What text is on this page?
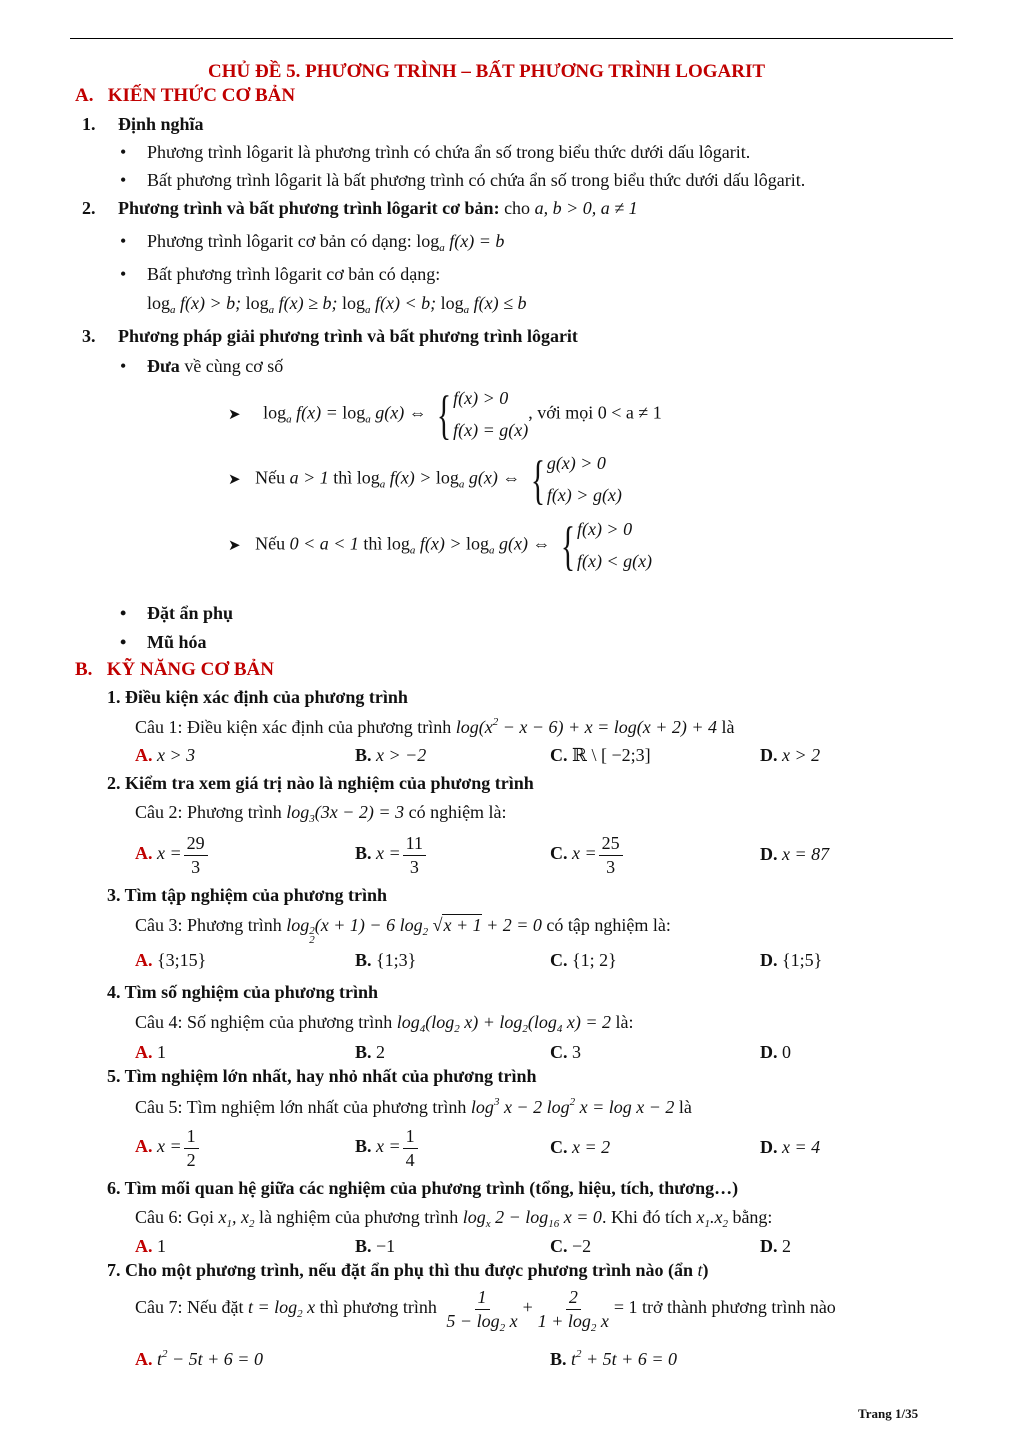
CHỦ ĐỀ 5. PHƯƠNG TRÌNH – BẤT PHƯƠNG TRÌNH LOGARIT
A. KIẾN THỨC CƠ BẢN
1. Định nghĩa
• Phương trình lôgarit là phương trình có chứa ẩn số trong biểu thức dưới dấu lôgarit.
• Bất phương trình lôgarit là bất phương trình có chứa ẩn số trong biểu thức dưới dấu lôgarit.
2. Phương trình và bất phương trình lôgarit cơ bản: cho a, b > 0, a ≠ 1
• Phương trình lôgarit cơ bản có dạng: $\log_a f(x) = b$
• Bất phương trình lôgarit cơ bản có dạng:
$\log_a f(x) > b$; $\log_a f(x) \ge b$; $\log_a f(x) < b$; $\log_a f(x) \le b$
3. Phương pháp giải phương trình và bất phương trình lôgarit
• Đưa về cùng cơ số
➤ $\log_a f(x) = \log_a g(x)$ ⇔ { f(x) > 0
f(x) = g(x)
, với mọi 0 < a ≠ 1
➤ Nếu a > 1 thì $\log_a f(x) > \log_a g(x)$ ⇔ { g(x) > 0
f(x) > g(x)
➤ Nếu 0 < a < 1 thì $\log_a f(x) > \log_a g(x)$ ⇔ { f(x) > 0
f(x) < g(x)
• Đặt ẩn phụ
• Mũ hóa
B. KỸ NĂNG CƠ BẢN
1. Điều kiện xác định của phương trình
Câu 1: Điều kiện xác định của phương trình $\log(x^2 - x - 6) + x = \log(x + 2) + 4$ là
A. x > 3	B. x > −2	C. ℝ \ [ −2;3]	D. x > 2
2. Kiểm tra xem giá trị nào là nghiệm của phương trình
Câu 2: Phương trình $\log_3(3x - 2) = 3$ có nghiệm là:
A. $x = \frac{29}{3}$	B. $x = \frac{11}{3}$	C. $x = \frac{25}{3}$	D. x = 87
3. Tìm tập nghiệm của phương trình
Câu 3: Phương trình log 2
2
(x + 1) − 6 $\log_2 √x + 1 + 2 = 0$ có tập nghiệm là:
A. {3;15}	B. {1;3}	C. {1; 2}	D. {1;5}
4. Tìm số nghiệm của phương trình
Câu 4: Số nghiệm của phương trình $\log_4(\log_2$ $x) + \log_2(\log_4$ x) = 2 là:
A. 1	B. 2	C. 3	D. 0
5. Tìm nghiệm lớn nhất, hay nhỏ nhất của phương trình
Câu 5: Tìm nghiệm lớn nhất của phương trình $\log^3 x - 2$ $\log^2 x = \log x - 2$ là
A. $x = \frac{1}{2}$	B. $x = \frac{1}{4}$	C. x = 2	D. x = 4
6. Tìm mối quan hệ giữa các nghiệm của phương trình (tổng, hiệu, tích, thương…)
Câu 6: Gọi $x_1$, $x_2$ là nghiệm của phương trình $\log_x 2 - \log_{16} x = 0$. Khi đó tích $x_1.x_2$ bằng:
A. 1	B. −1	C. −2	D. 2
7. Cho một phương trình, nếu đặt ẩn phụ thì thu được phương trình nào (ẩn t)
Câu 7: Nếu đặt $t = \log_2 x$ thì phương trình $\frac{1}{5 - \log_2 x} + \frac{2}{1 + \log_2 x} = 1$ trở thành phương trình nào
A. $t^2 - 5t + 6 = 0$	B. $t^2 + 5t + 6 = 0$
Trang 1/35
